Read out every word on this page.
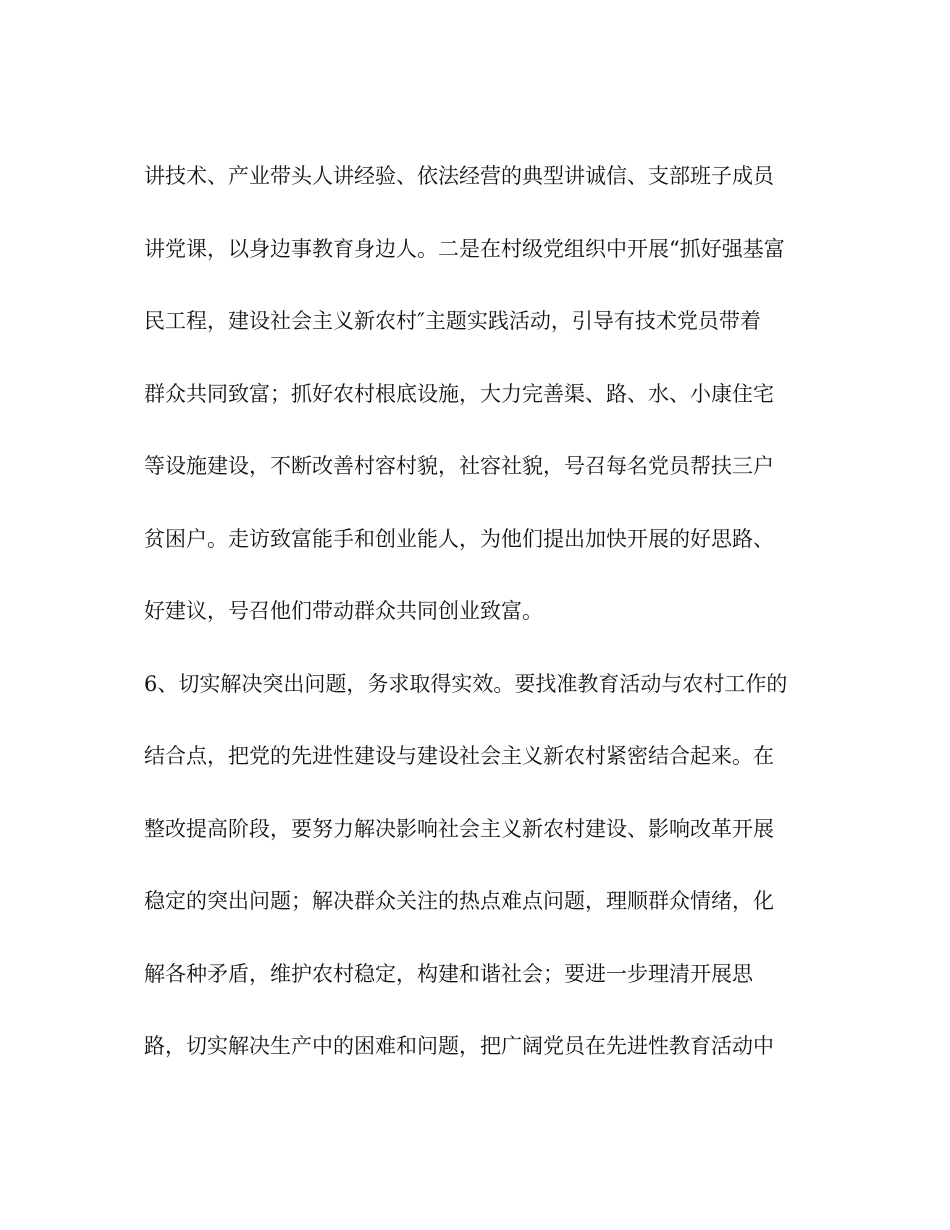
讲技术、产业带头人讲经验、依法经营的典型讲诚信、支部班子成员
讲党课，以身边事教育身边人。二是在村级党组织中开展“抓好强基富
民工程，建设社会主义新农村″主题实践活动，引导有技术党员带着
群众共同致富；抓好农村根底设施，大力完善渠、路、水、小康住宅
等设施建设，不断改善村容村貌，社容社貌，号召每名党员帮扶三户
贫困户。走访致富能手和创业能人，为他们提出加快开展的好思路、
好建议，号召他们带动群众共同创业致富。
6、切实解决突出问题，务求取得实效。要找准教育活动与农村工作的
结合点，把党的先进性建设与建设社会主义新农村紧密结合起来。在
整改提高阶段，要努力解决影响社会主义新农村建设、影响改革开展
稳定的突出问题；解决群众关注的热点难点问题，理顺群众情绪，化
解各种矛盾，维护农村稳定，构建和谐社会；要进一步理清开展思
路，切实解决生产中的困难和问题，把广阔党员在先进性教育活动中
